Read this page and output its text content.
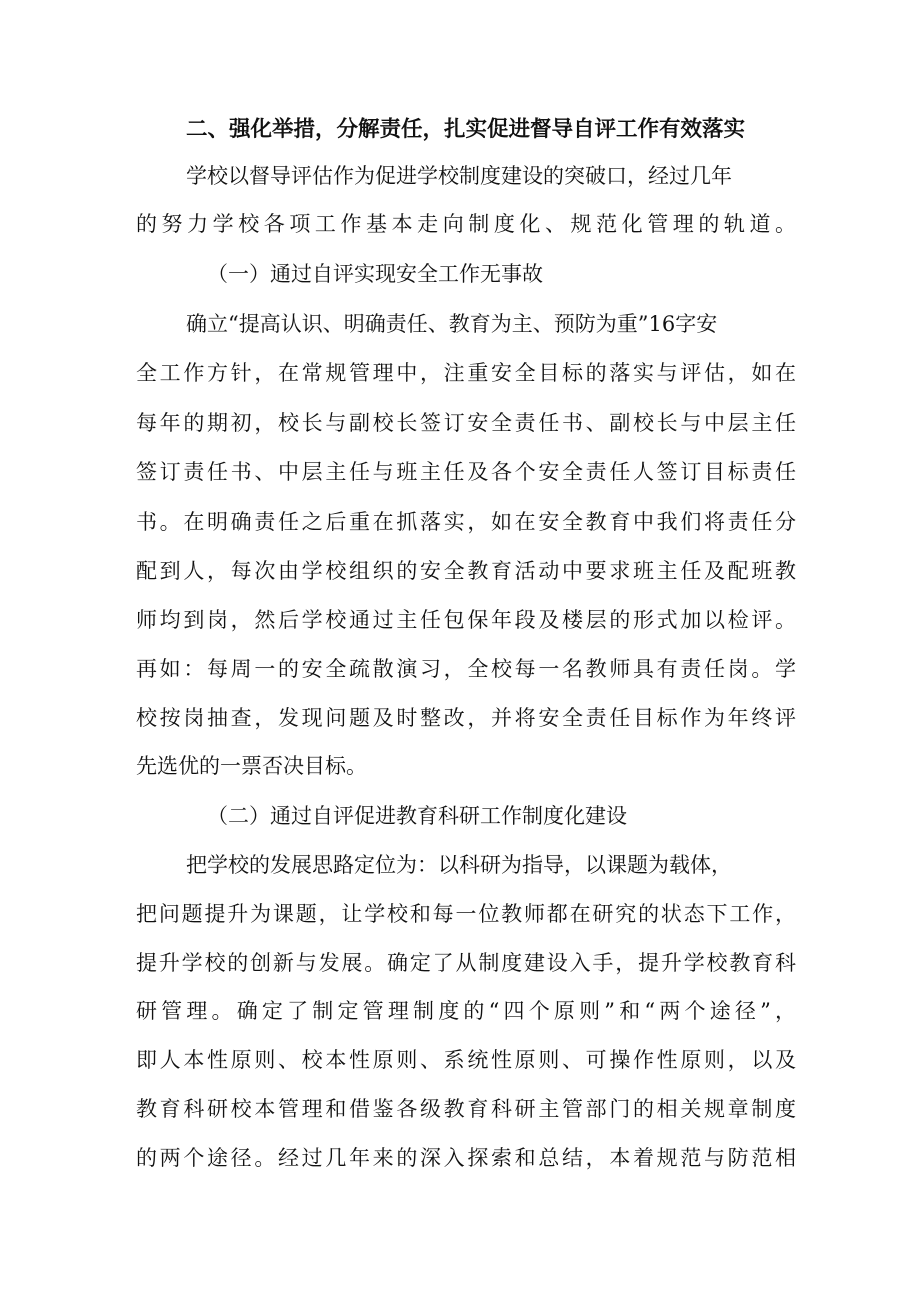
二、强化举措，分解责任，扎实促进督导自评工作有效落实
学校以督导评估作为促进学校制度建设的突破口，经过几年
的努力学校各项工作基本走向制度化、规范化管理的轨道。
（一）通过自评实现安全工作无事故
确立“提高认识、明确责任、教育为主、预防为重”16字安
全工作方针，在常规管理中，注重安全目标的落实与评估，如在
每年的期初，校长与副校长签订安全责任书、副校长与中层主任
签订责任书、中层主任与班主任及各个安全责任人签订目标责任
书。在明确责任之后重在抓落实，如在安全教育中我们将责任分
配到人，每次由学校组织的安全教育活动中要求班主任及配班教
师均到岗，然后学校通过主任包保年段及楼层的形式加以检评。
再如：每周一的安全疏散演习，全校每一名教师具有责任岗。学
校按岗抽查，发现问题及时整改，并将安全责任目标作为年终评
先选优的一票否决目标。
（二）通过自评促进教育科研工作制度化建设
把学校的发展思路定位为：以科研为指导，以课题为载体，
把问题提升为课题，让学校和每一位教师都在研究的状态下工作，
提升学校的创新与发展。确定了从制度建设入手，提升学校教育科
研管理。确定了制定管理制度的“四个原则”和“两个途径”，
即人本性原则、校本性原则、系统性原则、可操作性原则，以及
教育科研校本管理和借鉴各级教育科研主管部门的相关规章制度
的两个途径。经过几年来的深入探索和总结，本着规范与防范相
